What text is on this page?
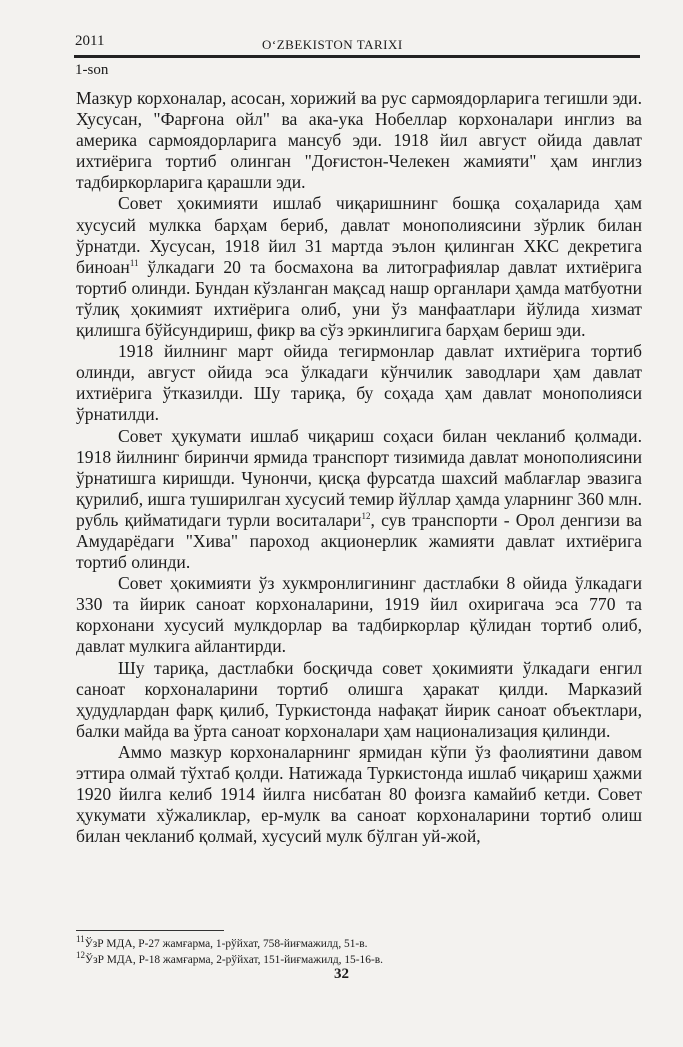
2011	O‘ZBEKISTON TARIXI
1-son

Мазкур корхоналар, асосан, хорижий ва рус сармоядорларига тегишли эди. Хусусан, "Фарғона ойл" ва ака-ука Нобеллар корхоналари инглиз ва америка сармоядорларига мансуб эди. 1918 йил август ойида давлат ихтиёрига тортиб олинган "Доғистон-Челекен жамияти" ҳам инглиз тадбиркорларига қарашли эди.

Совет ҳокимияти ишлаб чиқаришнинг бошқа соҳаларида ҳам хусусий мулкка барҳам бериб, давлат монополиясини зўрлик билан ўрнатди. Хусусан, 1918 йил 31 мартда эълон қилинган ХКС декретига биноан$^{11}$ ўлкадаги 20 та босмахона ва литографиялар давлат ихтиёрига тортиб олинди. Бундан кўзланган мақсад нашр органлари ҳамда матбуотни тўлиқ ҳокимият ихтиёрига олиб, уни ўз манфаатлари йўлида хизмат қилишга бўйсундириш, фикр ва сўз эркинлигига барҳам бериш эди.

1918 йилнинг март ойида тегирмонлар давлат ихтиёрига тортиб олинди, август ойида эса ўлкадаги кўнчилик заводлари ҳам давлат ихтиёрига ўтказилди. Шу тариқа, бу соҳада ҳам давлат монополияси ўрнатилди.

Совет ҳукумати ишлаб чиқариш соҳаси билан чекланиб қолмади. 1918 йилнинг биринчи ярмида транспорт тизимида давлат монополиясини ўрнатишга киришди. Чунончи, қисқа фурсатда шахсий маблағлар эвазига қурилиб, ишга туширилган хусусий темир йўллар ҳамда уларнинг 360 млн. рубль қийматидаги турли воситалари$^{12}$, сув транспорти - Орол денгизи ва Амударёдаги "Хива" пароход акционерлик жамияти давлат ихтиёрига тортиб олинди.

Совет ҳокимияти ўз хукмронлигининг дастлабки 8 ойида ўлкадаги 330 та йирик саноат корхоналарини, 1919 йил охиригача эса 770 та корхонани хусусий мулкдорлар ва тадбиркорлар қўлидан тортиб олиб, давлат мулкига айлантирди.

Шу тариқа, дастлабки босқичда совет ҳокимияти ўлкадаги енгил саноат корхоналарини тортиб олишга ҳаракат қилди. Марказий ҳудудлардан фарқ қилиб, Туркистонда нафақат йирик саноат объектлари, балки майда ва ўрта саноат корхоналари ҳам национализация қилинди.

Аммо мазкур корхоналарнинг ярмидан кўпи ўз фаолиятини давом эттира олмай тўхтаб қолди. Натижада Туркистонда ишлаб чиқариш ҳажми 1920 йилга келиб 1914 йилга нисбатан 80 фоизга камайиб кетди. Совет ҳукумати хўжаликлар, ер-мулк ва саноат корхоналарини тортиб олиш билан чекланиб қолмай, хусусий мулк бўлган уй-жой,

$^{11}$ЎзР МДА, Р-27 жамғарма, 1-рўйхат, 758-йиғмажилд, 51-в.
$^{12}$ЎзР МДА, Р-18 жамғарма, 2-рўйхат, 151-йиғмажилд, 15-16-в.
32
